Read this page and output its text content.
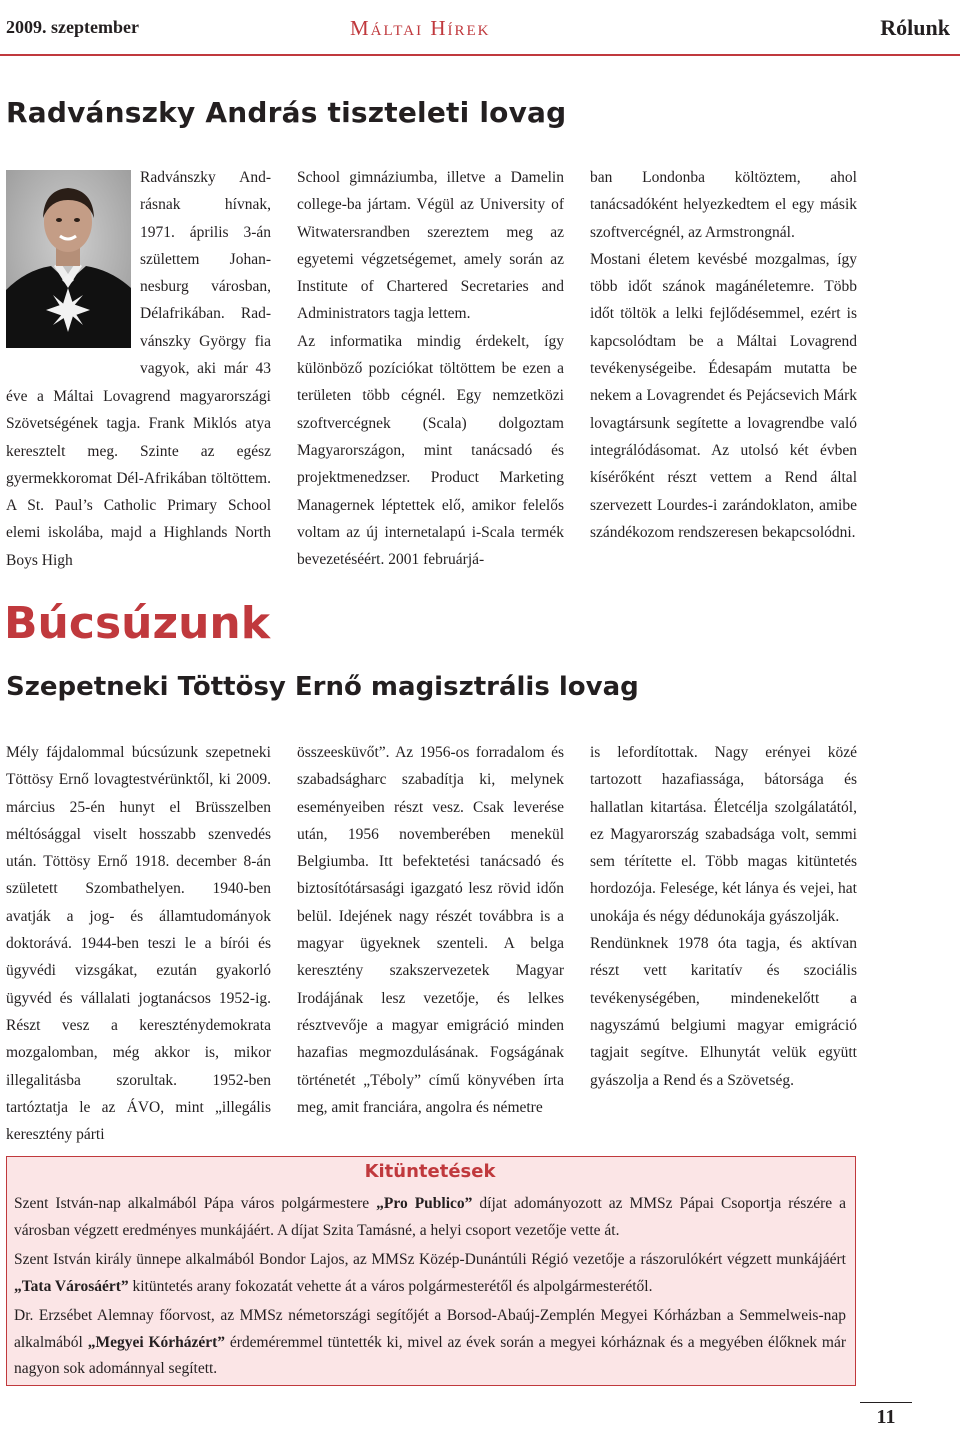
2009. szeptember	Máltai Hírek	Rólunk
Radvánszky András tiszteleti lovag

Radvánszky And-

rásnak hívnak,

1971. április 3-án

születtem Johan-

nesburg városban,

Délafrikában. Rad-

vánszky György fia

vagyok, aki már 43

éve a Máltai Lovagrend magyarországi Szövetségének tagja. Frank Miklós atya keresztelt meg. Szinte az egész gyermekkoromat Dél-Afrikában töltöttem. A St. Paul’s Catholic Primary School elemi iskolába, majd a Highlands North Boys High

School gimnáziumba, illetve a Damelin college-ba jártam. Végül az University of Witwatersrandben szereztem meg az egyetemi végzetségemet, amely során az Institute of Chartered Secretaries and Administrators tagja lettem.

Az informatika mindig érdekelt, így különböző pozíciókat töltöttem be ezen a területen több cégnél. Egy nemzetközi szoftvercégnek (Scala) dolgoztam Magyarországon, mint tanácsadó és projektmenedzser. Product Marketing Managernek léptettek elő, amikor felelős voltam az új internetalapú i-Scala termék bevezetéséért. 2001 februárjá-

ban Londonba költöztem, ahol tanácsadóként helyezkedtem el egy másik szoftvercégnél, az Armstrongnál.

Mostani életem kevésbé mozgalmas, így több időt szánok magánéletemre. Több időt töltök a lelki fejlődésemmel, ezért is kapcsolódtam be a Máltai Lovagrend tevékenységeibe. Édesapám mutatta be nekem a Lovagrendet és Pejácsevich Márk lovagtársunk segítette a lovagrendbe való integrálódásomat. Az utolsó két évben kísérőként részt vettem a Rend által szervezett Lourdes-i zarándoklaton, amibe szándékozom rendszeresen bekapcsolódni.

Búcsúzunk
Szepetneki Töttösy Ernő magisztrális lovag

Mély fájdalommal búcsúzunk szepetneki Töttösy Ernő lovagtestvérünktől, ki 2009. március 25-én hunyt el Brüsszelben méltósággal viselt hosszabb szenvedés után. Töttösy Ernő 1918. december 8-án született Szombathelyen. 1940-ben avatják a jog- és államtudományok doktorává. 1944-ben teszi le a bírói és ügyvédi vizsgákat, ezután gyakorló ügyvéd és vállalati jogtanácsos 1952-ig. Részt vesz a kereszténydemokrata mozgalomban, még akkor is, mikor illegalitásba szorultak. 1952-ben tartóztatja le az ÁVO, mint „illegális keresztény párti

összeesküvőt”. Az 1956-os forradalom és szabadságharc szabadítja ki, melynek eseményeiben részt vesz. Csak leverése után, 1956 novemberében menekül Belgiumba. Itt befektetési tanácsadó és biztosítótársasági igazgató lesz rövid időn belül. Idejének nagy részét továbbra is a magyar ügyeknek szenteli. A belga keresztény szakszervezetek Magyar Irodájának lesz vezetője, és lelkes résztvevője a magyar emigráció minden hazafias megmozdulásának. Fogságának történetét „Tébolyˮ című könyvében írta meg, amit franciára, angolra és németre

is lefordítottak. Nagy erényei közé tartozott hazafiassága, bátorsága és hallatlan kitartása. Életcélja szolgálatától, ez Magyarország szabadsága volt, semmi sem térítette el. Több magas kitüntetés hordozója. Felesége, két lánya és vejei, hat unokája és négy dédunokája gyászolják.

Rendünknek 1978 óta tagja, és aktívan részt vett karitatív és szociális tevékenységében, mindenekelőtt a nagyszámú belgiumi magyar emigráció tagjait segítve. Elhunytát velük együtt gyászolja a Rend és a Szövetség.

Kitüntetések

Szent István-nap alkalmából Pápa város polgármestere „Pro Publico” díjat adományozott az MMSz Pápai Csoportja részére a városban végzett eredményes munkájáért. A díjat Szita Tamásné, a helyi csoport vezetője vette át.

Szent István király ünnepe alkalmából Bondor Lajos, az MMSz Közép-Dunántúli Régió vezetője a rászorulókért végzett munkájáért „Tata Városáért” kitüntetés arany fokozatát vehette át a város polgármesterétől és alpolgármesterétől.

Dr. Erzsébet Alemnay főorvost, az MMSz németországi segítőjét a Borsod-Abaúj-Zemplén Megyei Kórházban a Semmelweis-nap alkalmából „Megyei Kórházért” érdeméremmel tüntették ki, mivel az évek során a megyei kórháznak és a megyében élőknek már nagyon sok adománnyal segített.

11
